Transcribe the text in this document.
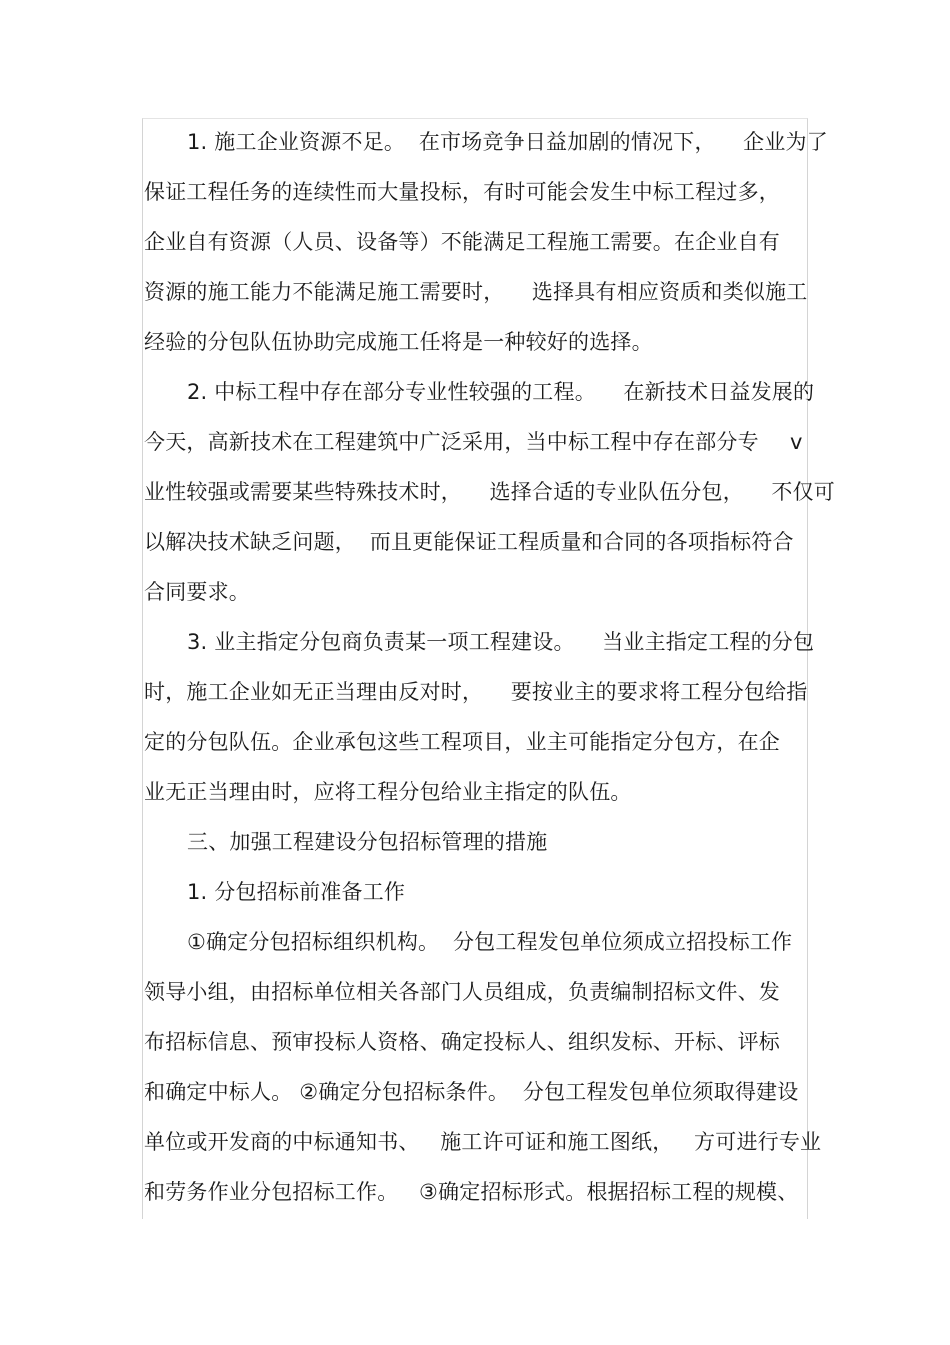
1. 施工企业资源不足。  在市场竞争日益加剧的情况下，    企业为了
保证工程任务的连续性而大量投标，有时可能会发生中标工程过多，
企业自有资源（人员、设备等）不能满足工程施工需要。在企业自有
资源的施工能力不能满足施工需要时，    选择具有相应资质和类似施工
经验的分包队伍协助完成施工任将是一种较好的选择。
2. 中标工程中存在部分专业性较强的工程。    在新技术日益发展的
今天，高新技术在工程建筑中广泛采用，当中标工程中存在部分专
业性较强或需要某些特殊技术时，    选择合适的专业队伍分包，    不仅可
以解决技术缺乏问题，  而且更能保证工程质量和合同的各项指标符合
合同要求。
3. 业主指定分包商负责某一项工程建设。    当业主指定工程的分包
时，施工企业如无正当理由反对时，    要按业主的要求将工程分包给指
定的分包队伍。企业承包这些工程项目，业主可能指定分包方，在企
业无正当理由时，应将工程分包给业主指定的队伍。
三、加强工程建设分包招标管理的措施
1. 分包招标前准备工作
①确定分包招标组织机构。  分包工程发包单位须成立招投标工作
领导小组，由招标单位相关各部门人员组成，负责编制招标文件、发
布招标信息、预审投标人资格、确定投标人、组织发标、开标、评标
和确定中标人。 ②确定分包招标条件。  分包工程发包单位须取得建设
单位或开发商的中标通知书、   施工许可证和施工图纸，   方可进行专业
和劳务作业分包招标工作。   ③确定招标形式。根据招标工程的规模、
v
